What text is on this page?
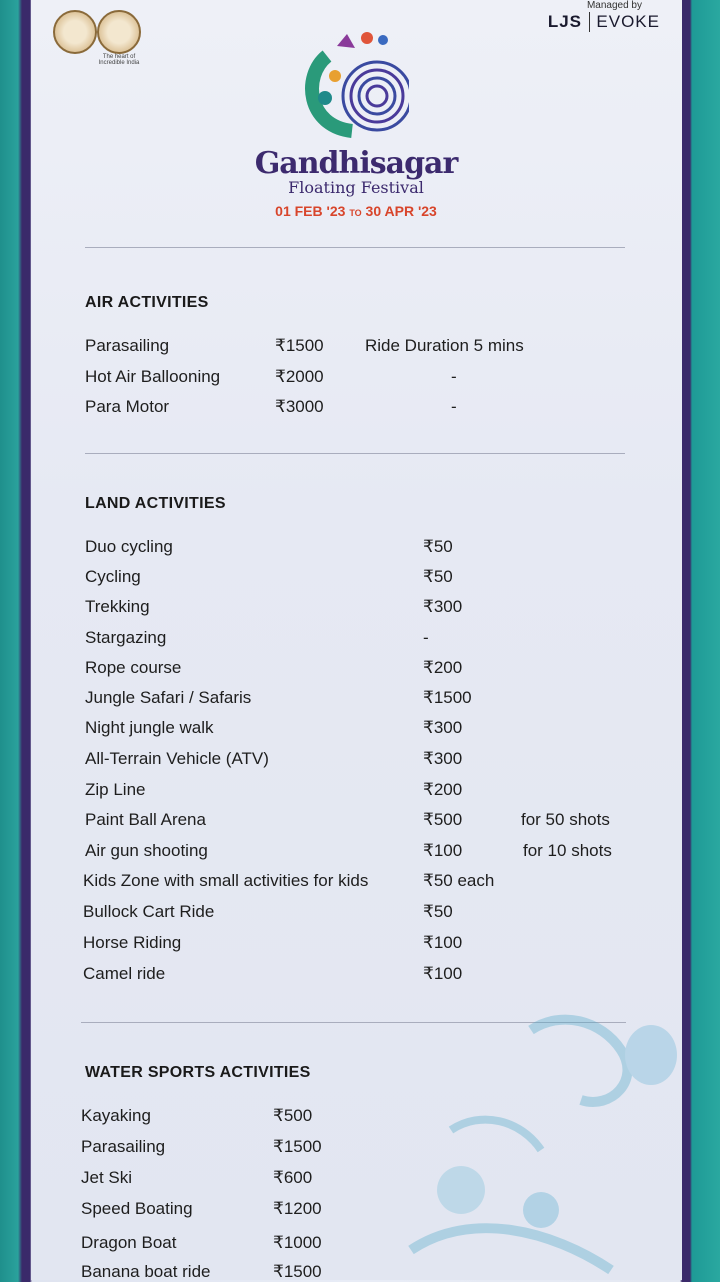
The heart of Incredible India
Managed by
LJS EVOKE
Gandhisagar
Floating Festival
01 FEB '23 TO 30 APR '23
AIR ACTIVITIES
Parasailing	₹1500 Ride Duration 5 mins
Hot Air Ballooning	₹2000	-
Para Motor	₹3000	-
LAND ACTIVITIES
Duo cycling	₹50
Cycling	₹50
Trekking	₹300
Stargazing	-
Rope course	₹200
Jungle Safari / Safaris	₹1500
Night jungle walk	₹300
All-Terrain Vehicle (ATV)	₹300
Zip Line	₹200
Paint Ball Arena	₹500	for 50 shots
Air gun shooting	₹100	for 10 shots
Kids Zone with small activities for kids	₹50 each
Bullock Cart Ride	₹50
Horse Riding	₹100
Camel ride	₹100
WATER SPORTS ACTIVITIES
Kayaking	₹500
Parasailing	₹1500
Jet Ski	₹600
Speed Boating	₹1200
Dragon Boat	₹1000
Banana boat ride	₹1500
